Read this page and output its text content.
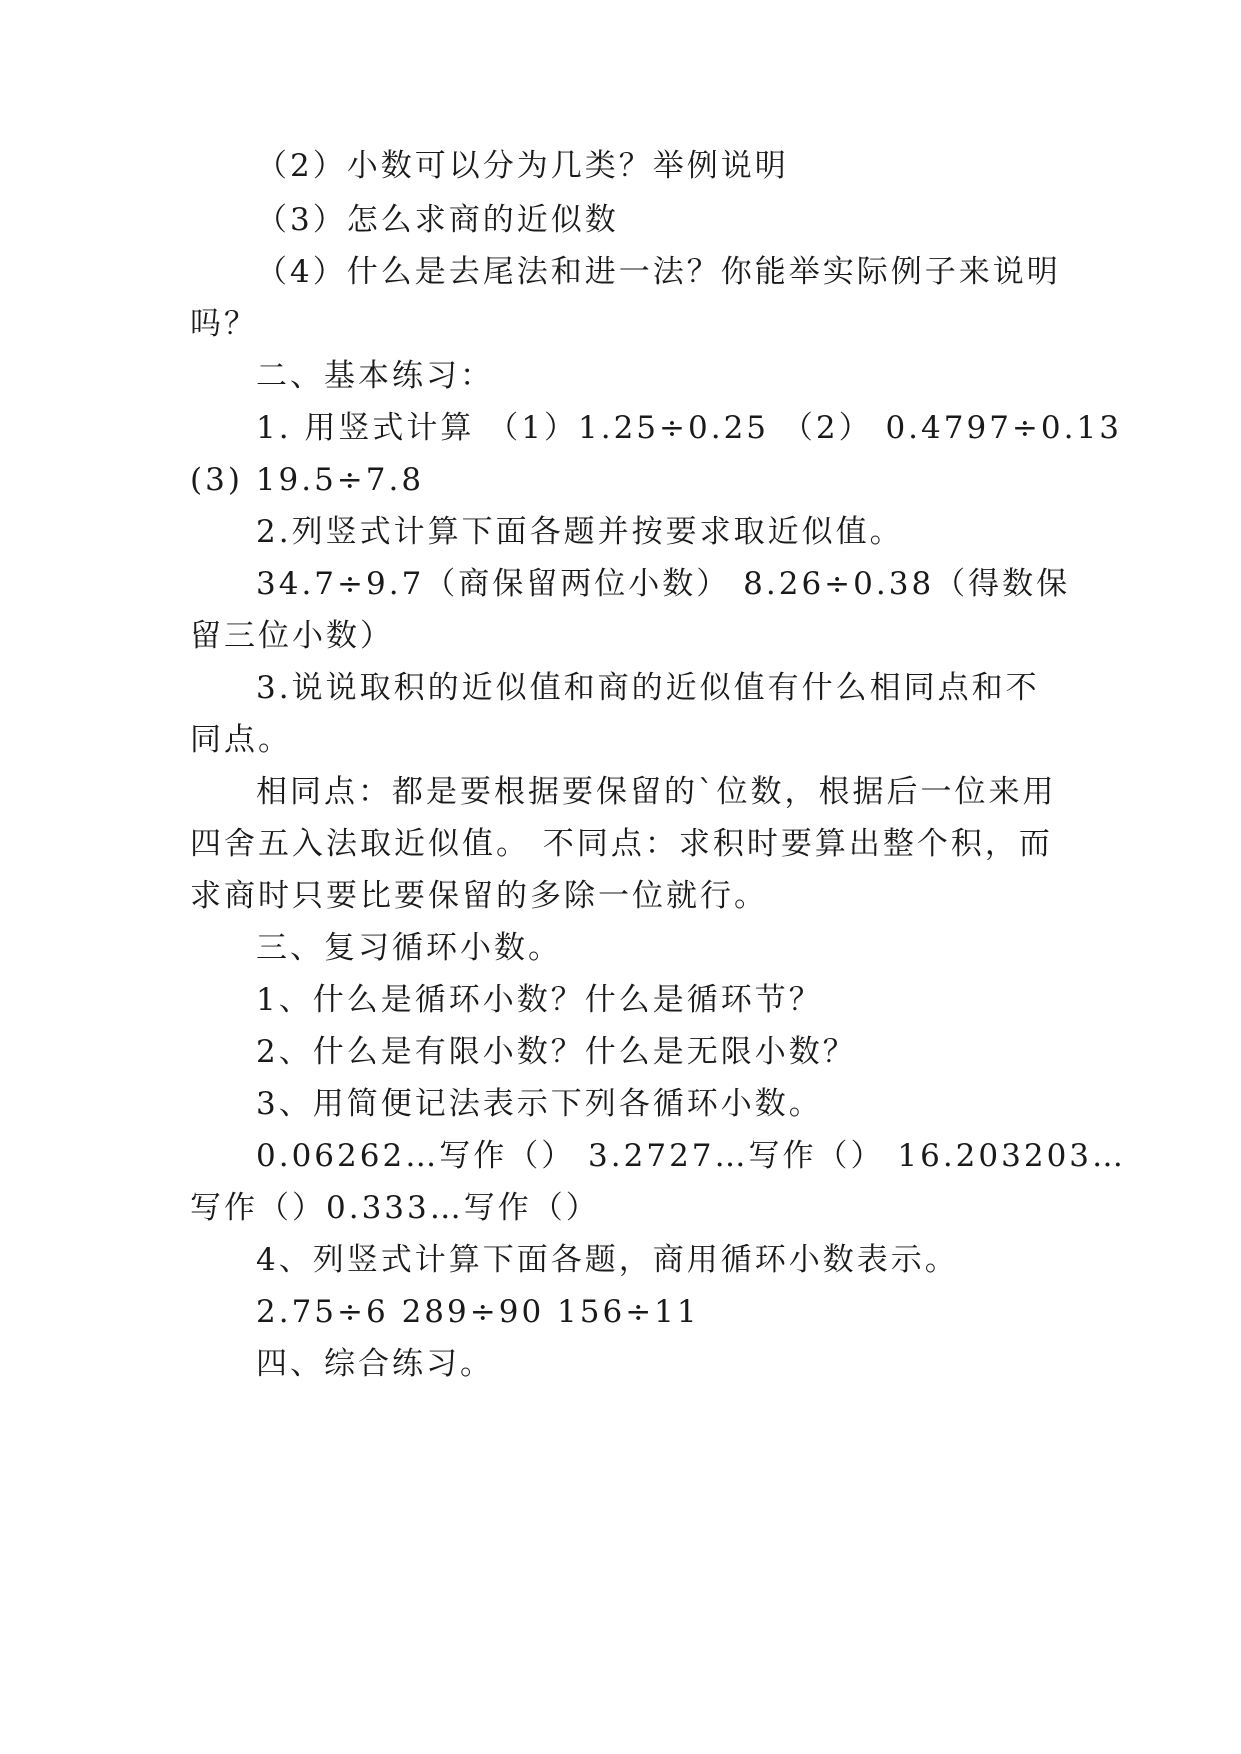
（2）小数可以分为几类？举例说明
（3）怎么求商的近似数
（4）什么是去尾法和进一法？你能举实际例子来说明
吗？
二、基本练习：
1. 用竖式计算 （1）1.25÷0.25 （2） 0.4797÷0.13
(3) 19.5÷7.8
2.列竖式计算下面各题并按要求取近似值。
34.7÷9.7（商保留两位小数） 8.26÷0.38（得数保
留三位小数）
3.说说取积的近似值和商的近似值有什么相同点和不
同点。
相同点：都是要根据要保留的`位数，根据后一位来用
四舍五入法取近似值。 不同点：求积时要算出整个积，而
求商时只要比要保留的多除一位就行。
三、复习循环小数。
1、什么是循环小数？什么是循环节？
2、什么是有限小数？什么是无限小数？
3、用简便记法表示下列各循环小数。
0.06262…写作（） 3.2727…写作（） 16.203203…
写作（）0.333…写作（）
4、列竖式计算下面各题，商用循环小数表示。
2.75÷6 289÷90 156÷11
四、综合练习。
